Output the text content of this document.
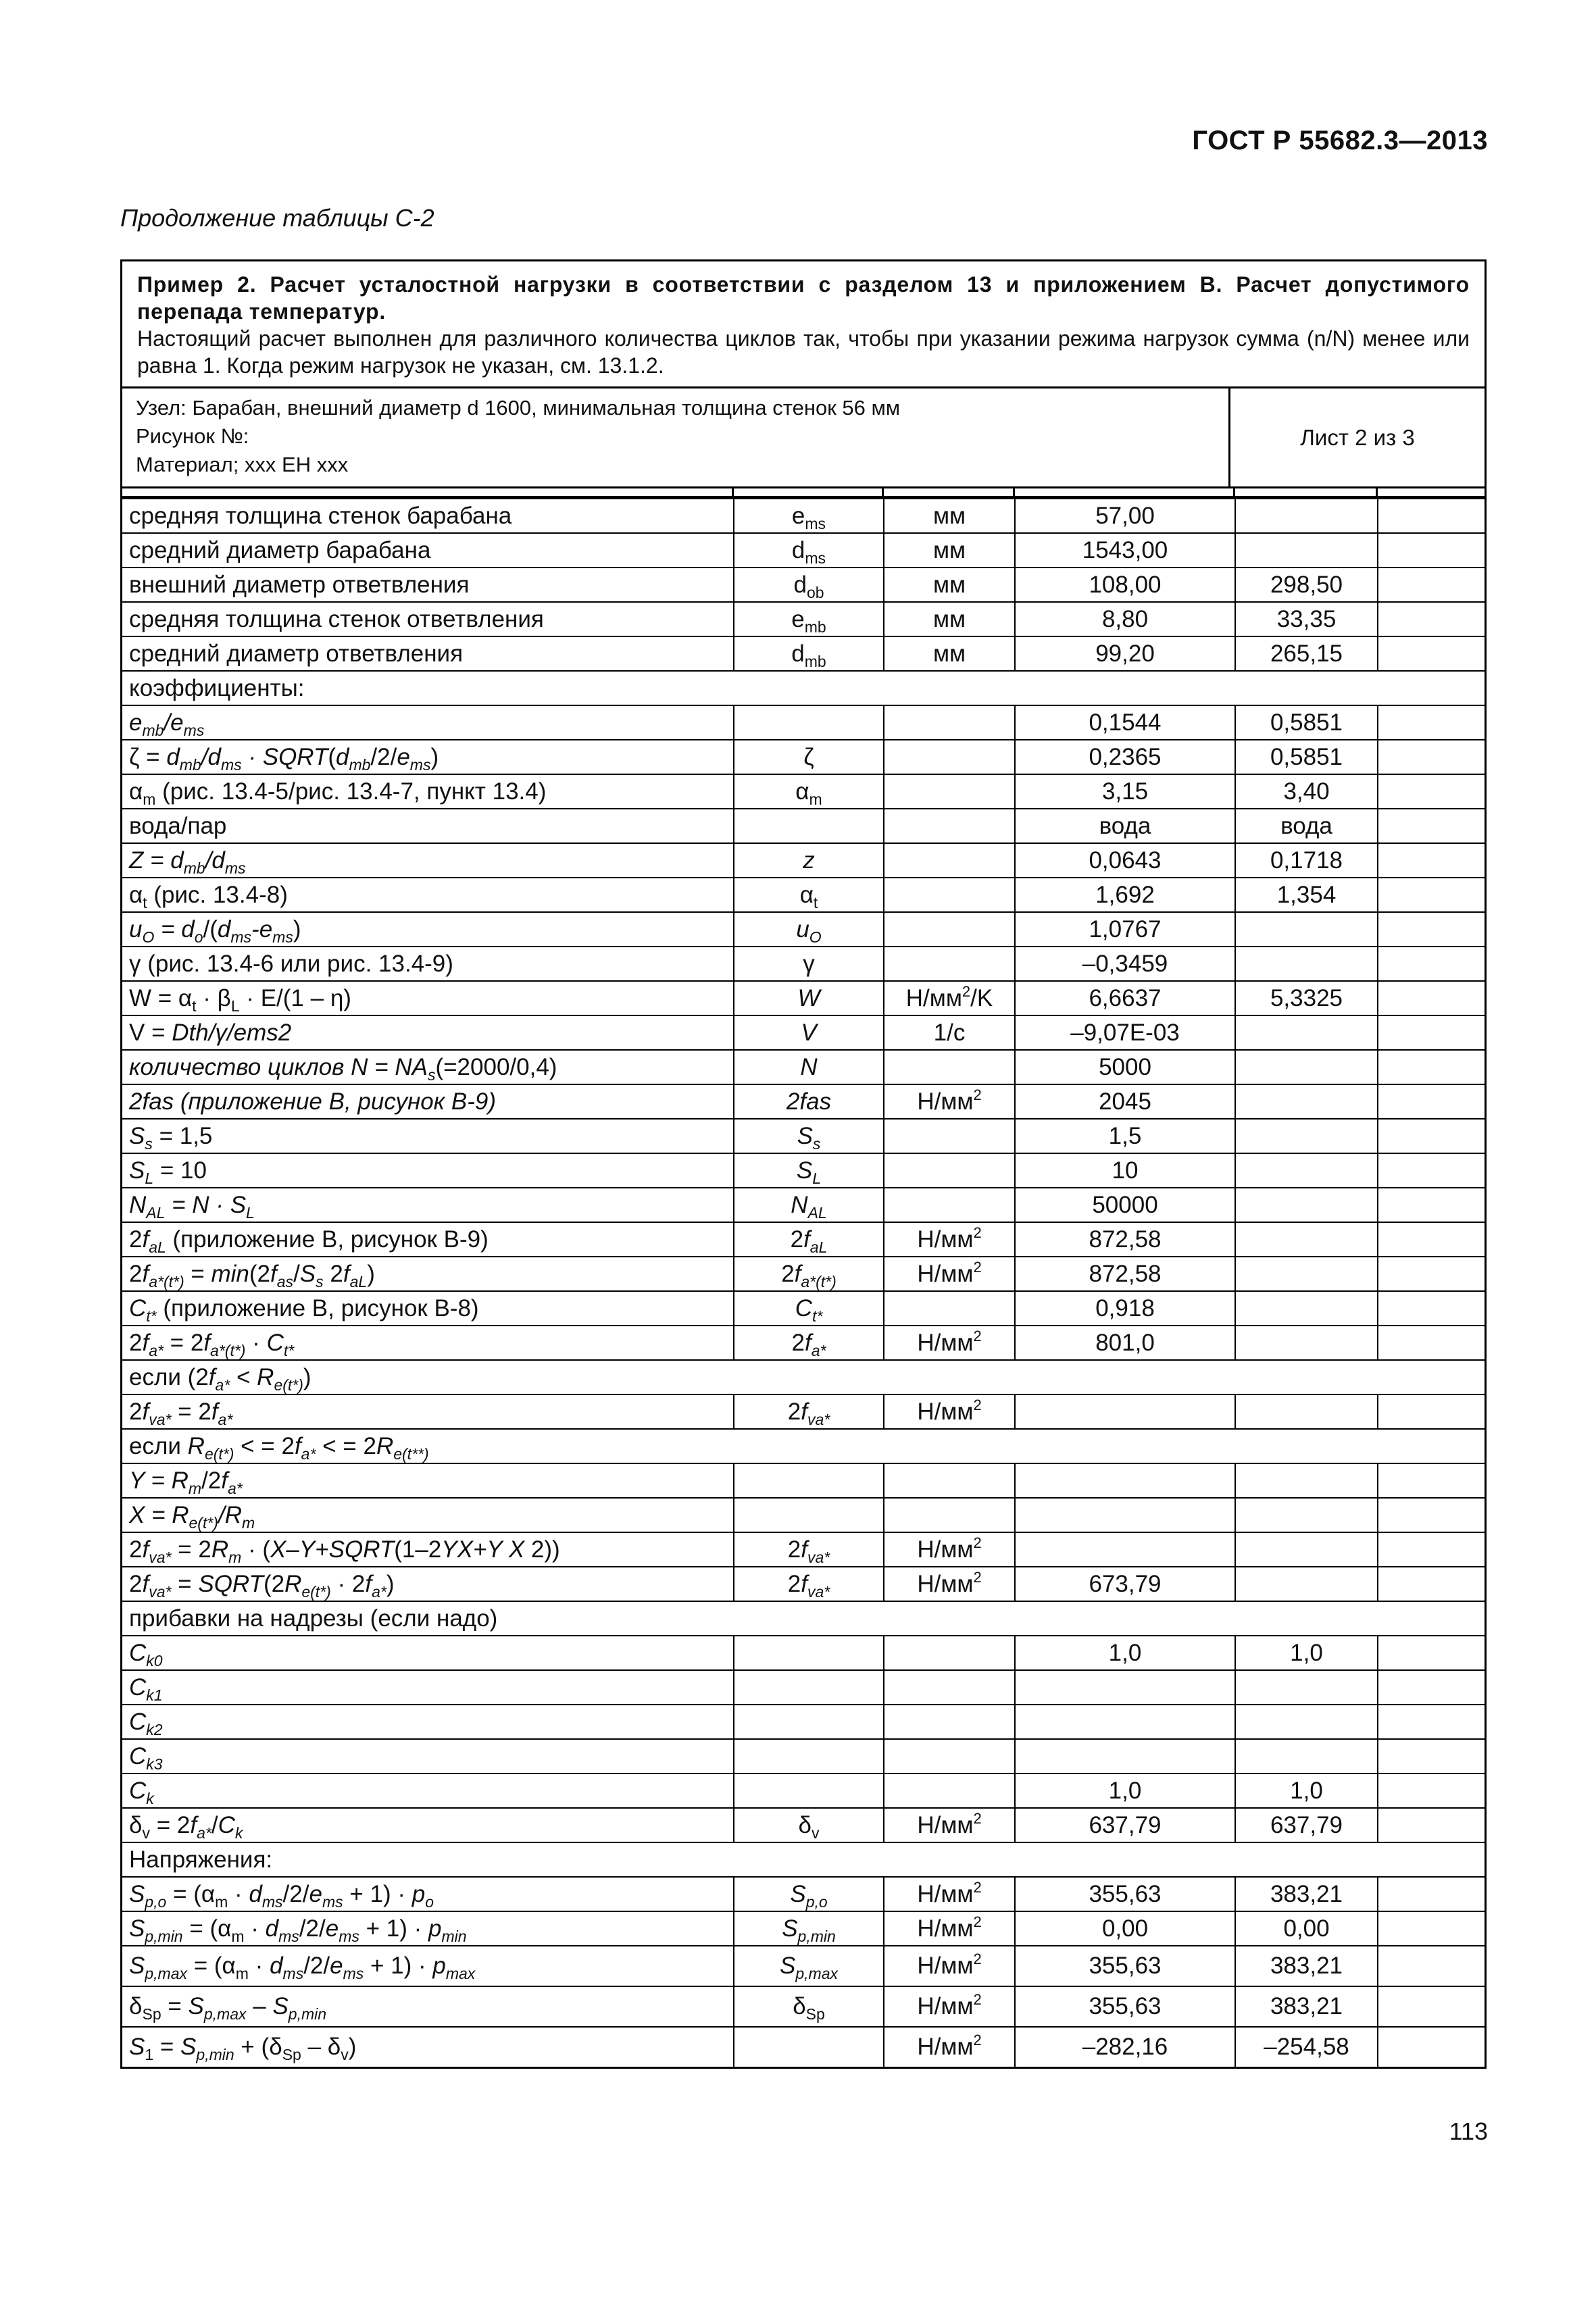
ГОСТ Р 55682.3—2013
Продолжение таблицы С-2
Пример 2. Расчет усталостной нагрузки в соответствии с разделом 13 и приложением В. Расчет допустимого перепада температур.
Настоящий расчет выполнен для различного количества циклов так, чтобы при указании режима нагрузок сумма (n/N) менее или равна 1. Когда режим нагрузок не указан, см. 13.1.2.
Узел: Барабан, внешний диаметр d 1600, минимальная толщина стенок 56 мм
Рисунок №:
Материал; xxx EH xxx
Лист 2 из 3
средняя толщина стенок барабана	$e_{ms}$	мм	57,00		
средний диаметр барабана	$d_{ms}$	мм	1543,00		
внешний диаметр ответвления	$d_{ob}$	мм	108,00	298,50	
средняя толщина стенок ответвления	$e_{mb}$	мм	8,80	33,35	
средний диаметр ответвления	$d_{mb}$	мм	99,20	265,15	
коэффициенты:					
$e_{mb}/e_{ms}$			0,1544	0,5851	
$\zeta = d_{mb}/d_{ms}$ · $SQRT(d_{mb}/2/e_{ms})$	ζ		0,2365	0,5851	
$\alpha_m$ (рис. 13.4-5/рис. 13.4-7, пункт 13.4)	$\alpha_m$		3,15	3,40	
вода/пар			вода	вода	
$Z = d_{mb}/d_{ms}$	z		0,0643	0,1718	
$\alpha_t$ (рис. 13.4-8)	$\alpha_t$		1,692	1,354	
$u_O = d_o/(d_{ms}-e_{ms})$	$u_O$		1,0767		
γ (рис. 13.4-6 или рис. 13.4-9)	γ		–0,3459		
$W = \alpha_t \cdot \beta_L \cdot E/(1 - \eta)$	W	$Н/мм^2/K$	6,6637	5,3325	
V = Dth/γ/ems2	V	1/c	–9,07E-03		
количество циклов $N = NA_s(=2000/0,4)$	N		5000		
2fas (приложение В, рисунок В-9)	2fas	$Н/мм^2$	2045		
$S_s = 1,5$	$S_s$		1,5		
$S_L = 10$	$S_L$		10		
$N_{AL} = N \cdot S_L$	$N_{AL}$		50000		
$2f_{aL}$ (приложение В, рисунок В-9)	$2f_{aL}$	$Н/мм^2$	872,58		
$2f_{a*(t*)} = \min(2f_{as}/S_s$ $2f_{aL}$)	$2f_{a*(t*)}$	$Н/мм^2$	872,58		
$C_{t*}$ (приложение В, рисунок В-8)	$C_{t*}$		0,918		
$2f_{a*} = 2f_{a*(t*)} \cdot C_{t*}$	$2f_{a*}$	$Н/мм^2$	801,0		
если $(2f_{a*} < R_{e(t*)})$					
$2f_{va*} = 2f_{a*}$	$2f_{va*}$	$Н/мм^2$			
если $R_{e(t*)}$ < = $2f_{a*}$ < = $2R_{e(t**)}$
$Y = R_m/2f_{a*}$					
$X = R_{e(t*)}/R_m$					
$2f_{va*} = 2R_m$ · (X–Y+SQRT(1–2YX+Y X 2))	$2f_{va*}$	$Н/мм^2$			
$2f_{va*}$ = $SQRT(2R_{e(t*)} \cdot 2f_{a*})$	$2f_{va*}$	$Н/мм^2$	673,79		
прибавки на надрезы (если надо)					
$C_{k0}$			1,0	1,0	
$C_{k1}$					
$C_{k2}$					
$C_{k3}$					
$C_k$			1,0	1,0	
$\delta_v = 2f_{a*}/C_k$	$\delta_v$	$Н/мм^2$	637,79	637,79	
Напряжения:					
$S_{p,o} = (\alpha_m \cdot d_{ms}/2/e_{ms} + 1) \cdot p_o$	$S_{p,o}$	$Н/мм^2$	355,63	383,21	
$S_{p,min} = (\alpha_m \cdot d_{ms}/2/e_{ms} + 1) \cdot p_{min}$	$S_{p,min}$	$Н/мм^2$	0,00	0,00	
$S_{p,max} = (\alpha_m \cdot d_{ms}/2/e_{ms} + 1) \cdot p_{max}$	$S_{p,max}$	$Н/мм^2$	355,63	383,21	
$\delta_{Sp} = S_{p,max} - S_{p,min}$	$\delta_{Sp}$	$Н/мм^2$	355,63	383,21	
$S_1 = S_{p,min} + (\delta_{Sp} - \delta_v)$		$Н/мм^2$	–282,16	–254,58	
113
